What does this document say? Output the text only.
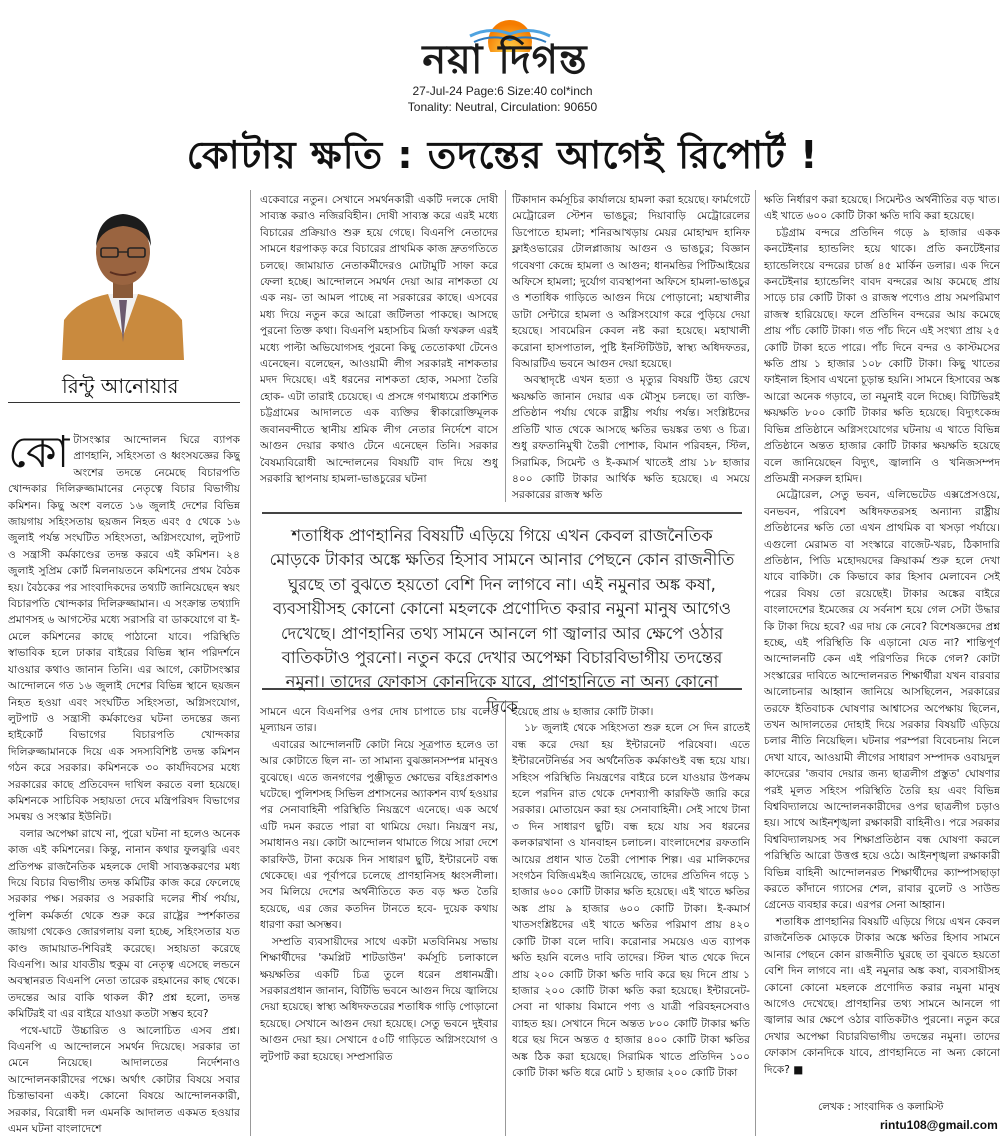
নয়া দিগন্ত
27-Jul-24 Page:6 Size:40 col*inch
Tonality: Neutral, Circulation: 90650
কোটায় ক্ষতি : তদন্তের আগেই রিপোর্ট !
রিন্টু আনোয়ার

কোটাসংস্কার আন্দোলন ঘিরে ব্যাপক প্রাণহানি, সহিংসতা ও ধ্বংসযজ্ঞের কিছু অংশের তদন্তে নেমেছে বিচারপতি খোন্দকার দিলিরুজ্জামানের নেতৃত্বে বিচার বিভাগীয় কমিশন। কিছু অংশ বলতে ১৬ জুলাই দেশের বিভিন্ন জায়গায় সহিংসতায় ছয়জন নিহত এবং ৫ থেকে ১৬ জুলাই পর্যন্ত সংঘটিত সহিংসতা, অগ্নিসংযোগ, লুটপাট ও সন্ত্রাসী কর্মকাণ্ডের তদন্ত করবে এই কমিশন। ২৪ জুলাই সুপ্রিম কোর্ট মিলনায়তনে কমিশনের প্রথম বৈঠক হয়। বৈঠকের পর সাংবাদিকদের তথ্যটি জানিয়েছেন স্বয়ং বিচারপতি খোন্দকার দিলিরুজ্জামান। এ সংক্রান্ত তথ্যাদি প্রমাণসহ ৬ আগস্টের মধ্যে সরাসরি বা ডাকযোগে বা ই-মেলে কমিশনের কাছে পাঠানো যাবে। পরিস্থিতি স্বাভাবিক হলে ঢাকার বাইরের বিভিন্ন স্থান পরিদর্শনে যাওয়ার কথাও জানান তিনি। এর আগে, কোটাসংস্কার আন্দোলনে গত ১৬ জুলাই দেশের বিভিন্ন স্থানে ছয়জন নিহত হওয়া এবং সংঘটিত সহিংসতা, অগ্নিসংযোগ, লুটপাট ও সন্ত্রাসী কর্মকাণ্ডের ঘটনা তদন্তের জন্য হাইকোর্ট বিভাগের বিচারপতি খোন্দকার দিলিরুজ্জামানকে দিয়ে এক সদস্যবিশিষ্ট তদন্ত কমিশন গঠন করে সরকার। কমিশনকে ৩০ কার্যদিবসের মধ্যে সরকারের কাছে প্রতিবেদন দাখিল করতে বলা হয়েছে। কমিশনকে সাচিবিক সহায়তা দেবে মন্ত্রিপরিষদ বিভাগের সমন্বয় ও সংস্কার ইউনিট।

বলার অপেক্ষা রাখে না, পুরো ঘটনা না হলেও অনেক কাজ এই কমিশনের। কিন্তু, নানান কথার ফুলঝুরি এবং প্রতিপক্ষ রাজনৈতিক মহলকে দোষী সাব্যস্তকরণের মধ্য দিয়ে বিচার বিভাগীয় তদন্ত কমিটির কাজ করে ফেলেছে সরকার পক্ষ। সরকার ও সরকারি দলের শীর্ষ পর্যায়, পুলিশ কর্মকর্তা থেকে শুরু করে রাষ্ট্রের স্পর্শকাতর জায়গা থেকেও জোরগলায় বলা হচ্ছে, সহিংসতার যত কাণ্ড জামায়াত-শিবিরই করেছে। সহায়তা করেছে বিএনপি। আর যাবতীয় হুকুম বা নেতৃত্ব এসেছে লন্ডনে অবস্থানরত বিএনপি নেতা তারেক রহমানের কাছ থেকে। তদন্তের আর বাকি থাকল কী? প্রশ্ন হলো, তদন্ত কমিটিরই বা এর বাইরে যাওয়া কতটা সম্ভব হবে?

পথে-ঘাটে উচ্চারিত ও আলোচিত এসব প্রশ্ন। বিএনপি এ আন্দোলনে সমর্থন দিয়েছে। সরকার তা মেনে নিয়েছে। আদালতের নির্দেশনাও আন্দোলনকারীদের পক্ষে। অর্থাৎ কোটার বিষয়ে সবার চিন্তাভাবনা একই। কোনো বিষয়ে আন্দোলনকারী, সরকার, বিরোধী দল এমনকি আদালত একমত হওয়ার এমন ঘটনা বাংলাদেশে

একেবারে নতুন। সেখানে সমর্থনকারী একটি দলকে দোষী সাব্যস্ত করাও নজিরবিহীন। দোষী সাব্যস্ত করে এরই মধ্যে বিচারের প্রক্রিয়াও শুরু হয়ে গেছে। বিএনপি নেতাদের সামনে ধরপাকড় করে বিচারের প্রাথমিক কাজ দ্রুতগতিতে চলছে। জামায়াত নেতাকর্মীদেরও মোটামুটি সাফা করে ফেলা হচ্ছে। আন্দোলনে সমর্থন দেয়া আর নাশকতা যে এক নয়- তা আমল পাচ্ছে না সরকারের কাছে। এসবের মধ্য দিয়ে নতুন করে আরো জটিলতা পাকছে। আসছে পুরনো তিক্ত কথা। বিএনপি মহাসচিব মির্জা ফখরুল এরই মধ্যে পাল্টা অভিযোগসহ পুরনো কিছু তেতোকথা টেনেও এনেছেন। বলেছেন, আওয়ামী লীগ সরকারই নাশকতার মদদ দিয়েছে। এই ধরনের নাশকতা হোক, সমস্যা তৈরি হোক- এটা তারাই চেয়েছে। এ প্রসঙ্গে গণমাধ্যমে প্রকাশিত চট্টগ্রামের আদালতে এক ব্যক্তির স্বীকারোক্তিমূলক জবানবন্দীতে স্থানীয় শ্রমিক লীগ নেতার নির্দেশে বাসে আগুন দেয়ার কথাও টেনে এনেছেন তিনি। সরকার বৈষম্যবিরোধী আন্দোলনের বিষয়টি বাদ দিয়ে শুধু সরকারি স্থাপনায় হামলা-ভাঙচুরের ঘটনা

টিকাদান কর্মসূচির কার্যালয়ে হামলা করা হয়েছে। ফার্মগেটে মেট্রোরেল স্টেশন ভাঙচুর; দিয়াবাড়ি মেট্রোরেলের ডিপোতে হামলা; শনিরআখড়ায় মেয়র মোহাম্মদ হানিফ ফ্লাইওভারের টোলপ্লাজায় আগুন ও ভাঙচুর; বিজ্ঞান গবেষণা কেন্দ্রে হামলা ও আগুন; ধানমন্ডির পিটিআইয়ের অফিসে হামলা; দুর্যোগ ব্যবস্থাপনা অফিসে হামলা-ভাঙচুর ও শতাধিক গাড়িতে আগুন দিয়ে পোড়ানো; মহাখালীর ডাটা সেন্টারে হামলা ও অগ্নিসংযোগ করে পুড়িয়ে দেয়া হয়েছে। সাবমেরিন কেবল নষ্ট করা হয়েছে। মহাখালী করোনা হাসপাতাল, পুষ্টি ইনস্টিটিউট, স্বাস্থ্য অধিদফতর, বিআরটিএ ভবনে আগুন দেয়া হয়েছে।

অবস্থাদৃষ্টে এখন হত্যা ও মৃত্যুর বিষয়টি উহ্য রেখে ক্ষয়ক্ষতি জানান দেয়ার এক মৌসুম চলছে। তা ব্যক্তি-প্রতিষ্ঠান পর্যায় থেকে রাষ্ট্রীয় পর্যায় পর্যন্ত। সংশ্লিষ্টদের প্রতিটি খাত থেকে আসছে ক্ষতির ভয়ঙ্কর তথ্য ও চিত্র। শুধু রফতানিমুখী তৈরী পোশাক, বিমান পরিবহন, স্টিল, সিরামিক, সিমেন্ট ও ই-কমার্স খাতেই প্রায় ১৮ হাজার ৪০০ কোটি টাকার আর্থিক ক্ষতি হয়েছে। এ সময়ে সরকারের রাজস্ব ক্ষতি

শতাধিক প্রাণহানির বিষয়টি এড়িয়ে গিয়ে এখন কেবল রাজনৈতিক মোড়কে টাকার অঙ্কে ক্ষতির হিসাব সামনে আনার পেছনে কোন রাজনীতি ঘুরছে তা বুঝতে হয়তো বেশি দিন লাগবে না। এই নমুনার অঙ্ক কষা, ব্যবসায়ীসহ কোনো কোনো মহলকে প্রণোদিত করার নমুনা মানুষ আগেও দেখেছে। প্রাণহানির তথ্য সামনে আনলে গা জ্বালার আর ক্ষেপে ওঠার বাতিকটাও পুরনো। নতুন করে দেখার অপেক্ষা বিচারবিভাগীয় তদন্তের নমুনা। তাদের ফোকাস কোনদিকে যাবে, প্রাণহানিতে না অন্য কোনো দিকে

সামনে এনে বিএনপির ওপর দোষ চাপাতে চায় বলেও মূল্যায়ন তার।

এবারের আন্দোলনটি কোটা নিয়ে সূত্রপাত হলেও তা আর কোটাতে ছিল না- তা সামান্য বুঝজ্ঞানসম্পন্ন মানুষও বুঝেছে। এতে জনগণের পুঞ্জীভূত ক্ষোভের বহিঃপ্রকাশও ঘটেছে। পুলিশসহ সিভিল প্রশাসনের অ্যাকশন ব্যর্থ হওয়ার পর সেনাবাহিনী পরিস্থিতি নিয়ন্ত্রণে এনেছে। এক অর্থে এটি দমন করতে পারা বা থামিয়ে দেয়া। নিয়ন্ত্রণ নয়, সমাধানও নয়। কোটা আন্দোলন থামাতে গিয়ে সারা দেশে কারফিউ, টানা কয়েক দিন সাধারণ ছুটি, ইন্টারনেট বন্ধ থেকেছে। এর পূর্বাপরে চলেছে প্রাণহানিসহ ধ্বংসলীলা। সব মিলিয়ে দেশের অর্থনীতিতে কত বড় ক্ষত তৈরি হয়েছে, এর জের কতদিন টানতে হবে- দুয়েক কথায় ধারণা করা অসম্ভব।

সম্প্রতি ব্যবসায়ীদের সাথে একটা মতবিনিময় সভায় শিক্ষার্থীদের 'কমপ্লিট শাটডাউন' কর্মসূচি চলাকালে ক্ষয়ক্ষতির একটি চিত্র তুলে ধরেন প্রধানমন্ত্রী। সরকারপ্রধান জানান, বিটিভি ভবনে আগুন দিয়ে জ্বালিয়ে দেয়া হয়েছে। স্বাস্থ্য অধিদফতরের শতাধিক গাড়ি পোড়ানো হয়েছে। সেখানে আগুন দেয়া হয়েছে। সেতু ভবনে দুইবার আগুন দেয়া হয়। সেখানে ৫০টি গাড়িতে অগ্নিসংযোগ ও লুটপাট করা হয়েছে। সম্প্রসারিত

হয়েছে প্রায় ৬ হাজার কোটি টাকা।

১৮ জুলাই থেকে সহিংসতা শুরু হলে সে দিন রাতেই বন্ধ করে দেয়া হয় ইন্টারনেট পরিষেবা। এতে ইন্টারনেটনির্ভর সব অর্থনৈতিক কর্মকাণ্ডই বন্ধ হয়ে যায়। সহিংস পরিস্থিতি নিয়ন্ত্রণের বাইরে চলে যাওয়ার উপক্রম হলে পরদিন রাত থেকে দেশব্যাপী কারফিউ জারি করে সরকার। মোতায়েন করা হয় সেনাবাহিনী। সেই সাথে টানা ৩ দিন সাধারণ ছুটি। বন্ধ হয়ে যায় সব ধরনের কলকারখানা ও যানবাহন চলাচল। বাংলাদেশের রফতানি আয়ের প্রধান খাত তৈরী পোশাক শিল্প। এর মালিকদের সংগঠন বিজিএমইএ জানিয়েছে, তাদের প্রতিদিন গড়ে ১ হাজার ৬০০ কোটি টাকার ক্ষতি হয়েছে। এই খাতে ক্ষতির অঙ্ক প্রায় ৯ হাজার ৬০০ কোটি টাকা। ই-কমার্স খাতসংশ্লিষ্টদের এই খাতে ক্ষতির পরিমাণ প্রায় ৪২০ কোটি টাকা বলে দাবি। করোনার সময়েও এত ব্যাপক ক্ষতি হয়নি বলেও দাবি তাদের। স্টিল খাত থেকে দিনে প্রায় ২০০ কোটি টাকা ক্ষতি দাবি করে ছয় দিনে প্রায় ১ হাজার ২০০ কোটি টাকা ক্ষতি করা হয়েছে। ইন্টারনেট-সেবা না থাকায় বিমানে পণ্য ও যাত্রী পরিবহনসেবাও ব্যাহত হয়। সেখানে দিনে অন্তত ৮০০ কোটি টাকার ক্ষতি ধরে ছয় দিনে অন্তত ৫ হাজার ৪০০ কোটি টাকা ক্ষতির অঙ্ক ঠিক করা হয়েছে। সিরামিক খাতে প্রতিদিন ১০০ কোটি টাকা ক্ষতি ধরে মোট ১ হাজার ২০০ কোটি টাকা

ক্ষতি নির্ধারণ করা হয়েছে। সিমেন্টও অর্থনীতির বড় খাত। এই খাতে ৬০০ কোটি টাকা ক্ষতি দাবি করা হয়েছে।

চট্টগ্রাম বন্দরে প্রতিদিন গড়ে ৯ হাজার একক কনটেইনার হ্যান্ডলিং হয়ে থাকে। প্রতি কনটেইনার হ্যান্ডেলিংয়ে বন্দরের চার্জ ৪৫ মার্কিন ডলার। এক দিনে কনটেইনার হ্যান্ডেলিং বাবদ বন্দরের আয় কমেছে প্রায় সাড়ে চার কোটি টাকা ও রাজস্ব পণ্যেও প্রায় সমপরিমাণ রাজস্ব হারিয়েছে। ফলে প্রতিদিন বন্দরের আয় কমেছে প্রায় পাঁচ কোটি টাকা। গত পাঁচ দিনে এই সংখ্যা প্রায় ২৫ কোটি টাকা হতে পারে। পাঁচ দিনে বন্দর ও কাস্টমসের ক্ষতি প্রায় ১ হাজার ১০৮ কোটি টাকা। কিছু খাতের ফাইনাল হিসাব এখনো চূড়ান্ত হয়নি। সামনে হিসাবের অঙ্ক আরো অনেক গড়াবে, তা নমুনাই বলে দিচ্ছে। বিটিভিরই ক্ষয়ক্ষতি ৮০০ কোটি টাকার ক্ষতি হয়েছে। বিদ্যুৎকেন্দ্র বিভিন্ন প্রতিষ্ঠানে অগ্নিসংযোগের ঘটনায় এ খাতে বিভিন্ন প্রতিষ্ঠানে অন্তত হাজার কোটি টাকার ক্ষয়ক্ষতি হয়েছে বলে জানিয়েছেন বিদ্যুৎ, জ্বালানি ও খনিজসম্পদ প্রতিমন্ত্রী নসরুল হামিদ।

মেট্রোরেল, সেতু ভবন, এলিভেটেড এক্সপ্রেসওয়ে, বনভবন, পরিবেশ অধিদফতরসহ অন্যান্য রাষ্ট্রীয় প্রতিষ্ঠানের ক্ষতি তো এখন প্রাথমিক বা খসড়া পর্যায়ে। এগুলো মেরামত বা সংস্কারে বাজেট-খরচ, ঠিকাদারি প্রতিষ্ঠান, পিডি মহোদয়দের ক্রিয়াকর্ম শুরু হলে দেখা যাবে বাকিটা। কে কিভাবে কার হিসাব মেলাবেন সেই পরের বিষয় তো রয়েছেই। টাকার অঙ্কের বাইরে বাংলাদেশের ইমেজের যে সর্বনাশ হয়ে গেল সেটা উদ্ধার কি টাকা দিয়ে হবে? এর দায় কে নেবে? বিশেষজ্ঞদের প্রশ্ন হচ্ছে, এই পরিস্থিতি কি এড়ানো যেত না? শান্তিপূর্ণ আন্দোলনটি কেন এই পরিণতির দিকে গেল? কোটা সংস্কারের দাবিতে আন্দোলনরত শিক্ষার্থীরা যখন বারবার আলোচনার আহ্বান জানিয়ে আসছিলেন, সরকারের তরফে ইতিবাচক ঘোষণার আশ্বাসের অপেক্ষায় ছিলেন, তখন আদালতের দোহাই দিয়ে সরকার বিষয়টি এড়িয়ে চলার নীতি নিয়েছিল। ঘটনার পরম্পরা বিবেচনায় নিলে দেখা যাবে, আওয়ামী লীগের সাধারণ সম্পাদক ওবায়দুল কাদেরের 'জবাব দেয়ার জন্য ছাত্রলীগ প্রস্তুত' ঘোষণার পরই মূলত সহিংস পরিস্থিতি তৈরি হয় এবং বিভিন্ন বিশ্ববিদ্যালয়ে আন্দোলনকারীদের ওপর ছাত্রলীগ চড়াও হয়। সাথে আইনশৃঙ্খলা রক্ষাকারী বাহিনীও। পরে সরকার বিশ্ববিদ্যালয়সহ সব শিক্ষাপ্রতিষ্ঠান বন্ধ ঘোষণা করলে পরিস্থিতি আরো উত্তপ্ত হয়ে ওঠে। আইনশৃঙ্খলা রক্ষাকারী বিভিন্ন বাহিনী আন্দোলনরত শিক্ষার্থীদের ক্যাম্পাসছাড়া করতে কাঁদানে গ্যাসের শেল, রাবার বুলেট ও সাউন্ড গ্রেনেড ব্যবহার করে। এরপর সেনা আহ্বান।

শতাধিক প্রাণহানির বিষয়টি এড়িয়ে গিয়ে এখন কেবল রাজনৈতিক মোড়কে টাকার অঙ্কে ক্ষতির হিসাব সামনে আনার পেছনে কোন রাজনীতি ঘুরছে তা বুঝতে হয়তো বেশি দিন লাগবে না। এই নমুনার অঙ্ক কষা, ব্যবসায়ীসহ কোনো কোনো মহলকে প্রণোদিত করার নমুনা মানুষ আগেও দেখেছে। প্রাণহানির তথ্য সামনে আনলে গা জ্বালার আর ক্ষেপে ওঠার বাতিকটাও পুরনো। নতুন করে দেখার অপেক্ষা বিচারবিভাগীয় তদন্তের নমুনা। তাদের ফোকাস কোনদিকে যাবে, প্রাণহানিতে না অন্য কোনো দিকে? ■

লেখক : সাংবাদিক ও কলামিস্ট
rintu108@gmail.com
